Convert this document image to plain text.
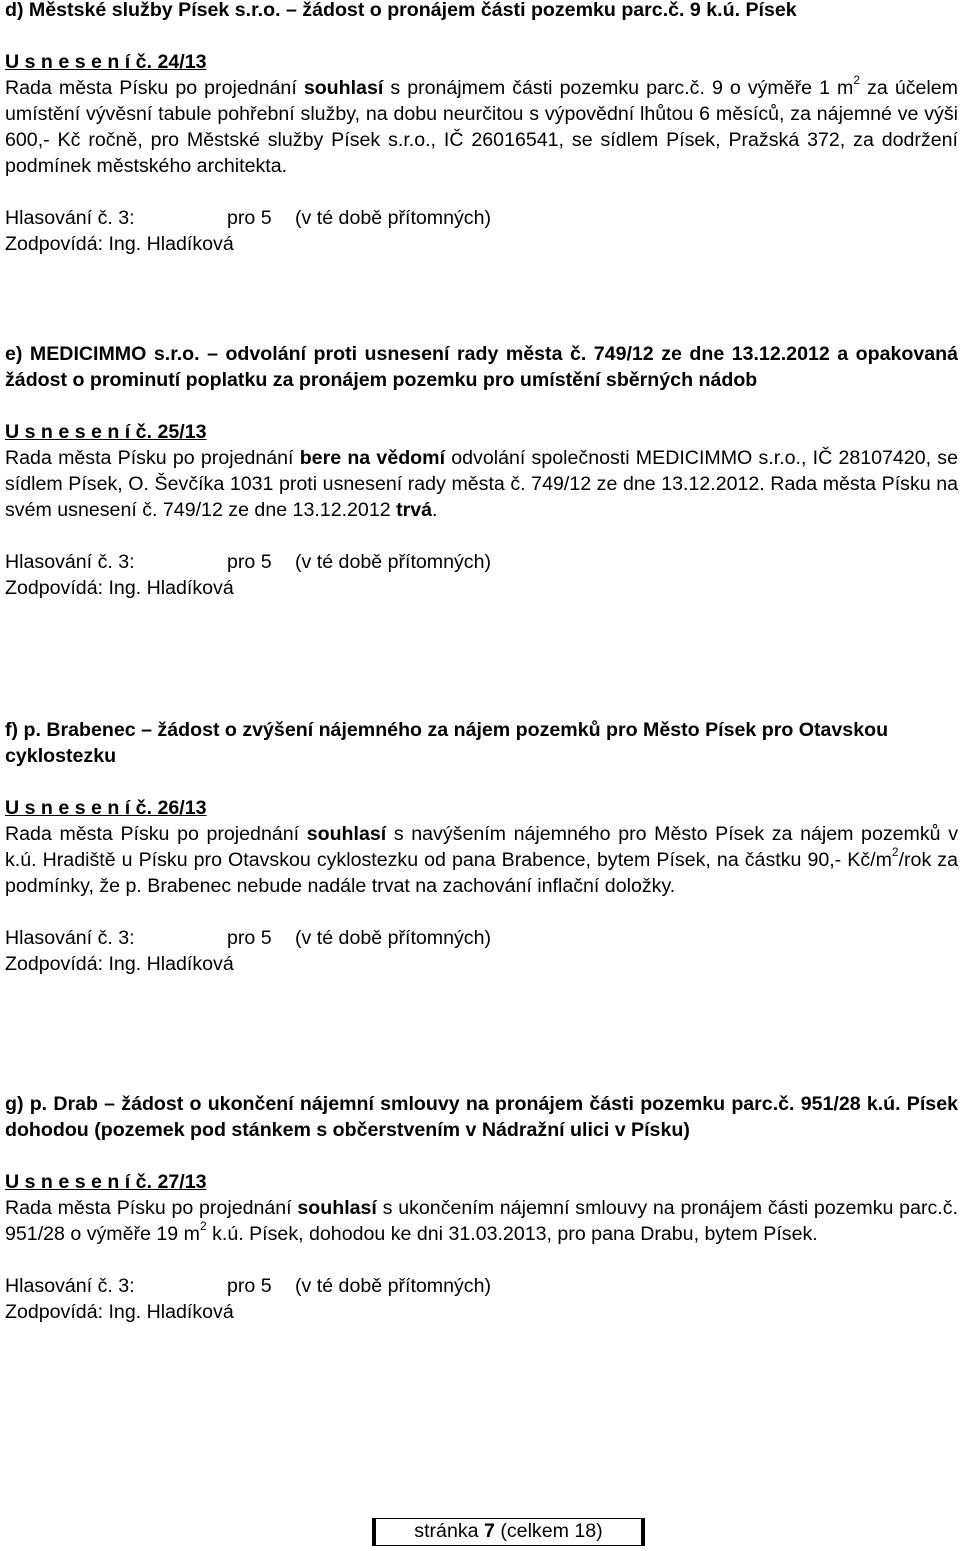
d) Městské služby Písek s.r.o. – žádost o pronájem části pozemku parc.č. 9 k.ú. Písek
U s n e s e n í č. 24/13
Rada města Písku po projednání souhlasí s pronájmem části pozemku parc.č. 9 o výměře 1 $m^2$ za účelem umístění vývěsní tabule pohřební služby, na dobu neurčitou s výpovědní lhůtou 6 měsíců, za nájemné ve výši 600,- Kč ročně, pro Městské služby Písek s.r.o., IČ 26016541, se sídlem Písek, Pražská 372, za dodržení podmínek městského architekta.
Hlasování č. 3:	pro 5 (v té době přítomných)
Zodpovídá: Ing. Hladíková
e) MEDICIMMO s.r.o. – odvolání proti usnesení rady města č. 749/12 ze dne 13.12.2012 a opakovaná žádost o prominutí poplatku za pronájem pozemku pro umístění sběrných nádob
U s n e s e n í č. 25/13
Rada města Písku po projednání bere na vědomí odvolání společnosti MEDICIMMO s.r.o., IČ 28107420, se sídlem Písek, O. Ševčíka 1031 proti usnesení rady města č. 749/12 ze dne 13.12.2012. Rada města Písku na svém usnesení č. 749/12 ze dne 13.12.2012 trvá.
Hlasování č. 3:	pro 5 (v té době přítomných)
Zodpovídá: Ing. Hladíková
f) p. Brabenec – žádost o zvýšení nájemného za nájem pozemků pro Město Písek pro Otavskou cyklostezku
U s n e s e n í č. 26/13
Rada města Písku po projednání souhlasí s navýšením nájemného pro Město Písek za nájem pozemků v k.ú. Hradiště u Písku pro Otavskou cyklostezku od pana Brabence, bytem Písek, na částku 90,- $Kč/m^2$/rok za podmínky, že p. Brabenec nebude nadále trvat na zachování inflační doložky.
Hlasování č. 3:	pro 5 (v té době přítomných)
Zodpovídá: Ing. Hladíková
g) p. Drab – žádost o ukončení nájemní smlouvy na pronájem části pozemku parc.č. 951/28 k.ú. Písek dohodou (pozemek pod stánkem s občerstvením v Nádražní ulici v Písku)
U s n e s e n í č. 27/13
Rada města Písku po projednání souhlasí s ukončením nájemní smlouvy na pronájem části pozemku parc.č. 951/28 o výměře 19 $m^2$ k.ú. Písek, dohodou ke dni 31.03.2013, pro pana Drabu, bytem Písek.
Hlasování č. 3:	pro 5 (v té době přítomných)
Zodpovídá: Ing. Hladíková
stránka 7 (celkem 18)
